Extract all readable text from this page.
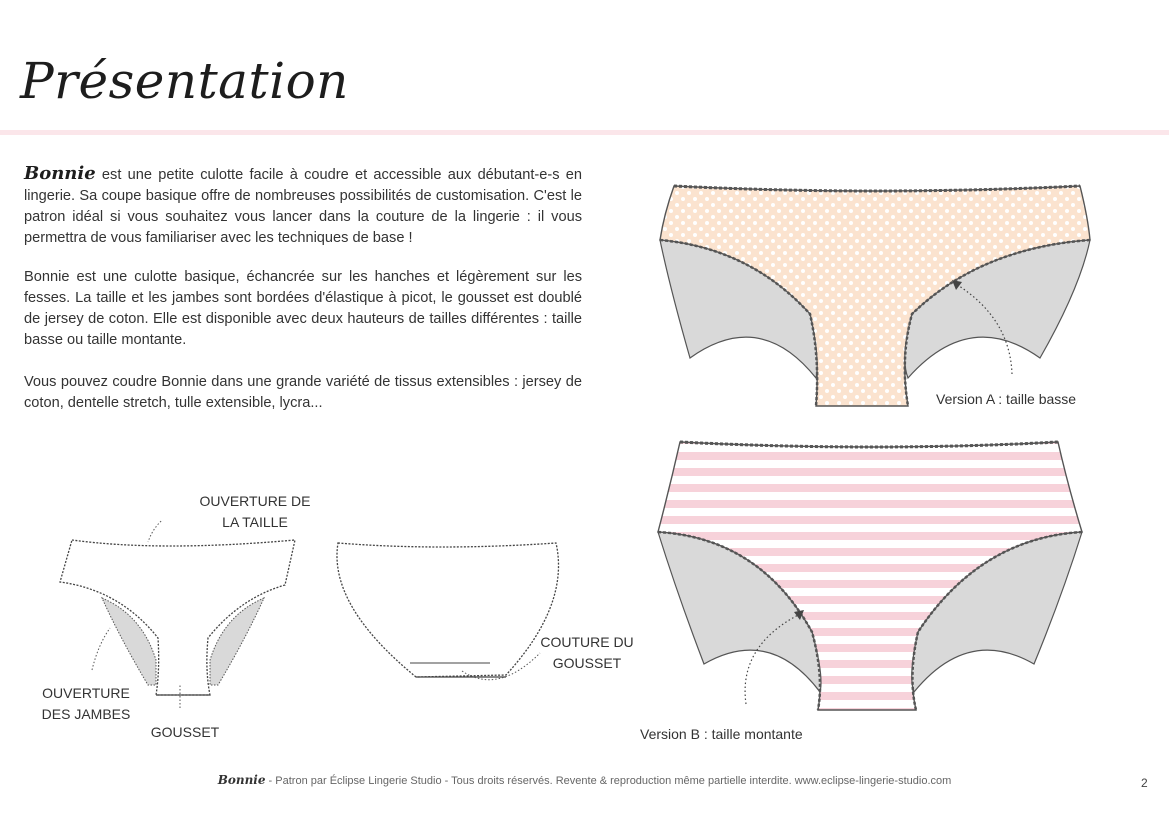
Présentation
Bonnie est une petite culotte facile à coudre et accessible aux débutant-e-s en lingerie. Sa coupe basique offre de nombreuses possibilités de customisation. C'est le patron idéal si vous souhaitez vous lancer dans la couture de la lingerie : il vous permettra de vous familiariser avec les techniques de base !
Bonnie est une culotte basique, échancrée sur les hanches et légèrement sur les fesses. La taille et les jambes sont bordées d'élastique à picot, le gousset est doublé de jersey de coton. Elle est disponible avec deux hauteurs de tailles différentes : taille basse ou taille montante.
Vous pouvez coudre Bonnie dans une grande variété de tissus extensibles : jersey de coton, dentelle stretch, tulle extensible, lycra...
OUVERTURE DE
LA TAILLE
OUVERTURE
DES JAMBES
GOUSSET
COUTURE DU
GOUSSET
Version A : taille basse
Version B : taille montante
Bonnie - Patron par Éclipse Lingerie Studio - Tous droits réservés. Revente & reproduction même partielle interdite. www.eclipse-lingerie-studio.com	2
